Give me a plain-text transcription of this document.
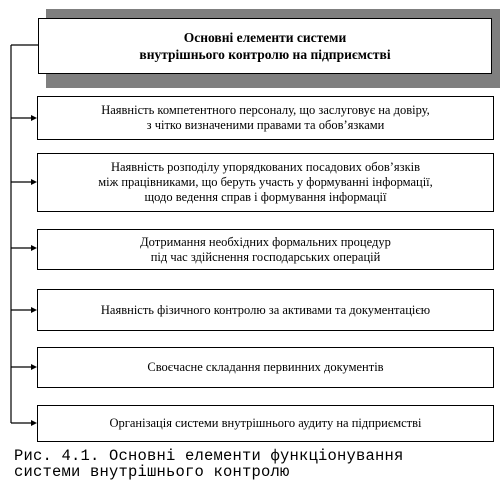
Основні елементи системи
внутрішнього контролю на підприємстві
Наявність компетентного персоналу, що заслуговує на довіру,
з чітко визначеними правами та обов’язками
Наявність розподілу упорядкованих посадових обов’язків
між працівниками, що беруть участь у формуванні інформації,
щодо ведення справ і формування інформації
Дотримання необхідних формальних процедур
під час здійснення господарських операцій
Наявність фізичного контролю за активами та документацією
Своєчасне складання первинних документів
Організація системи внутрішнього аудиту на підприємстві
Рис. 4.1. Основні елементи функціонування
системи внутрішнього контролю
